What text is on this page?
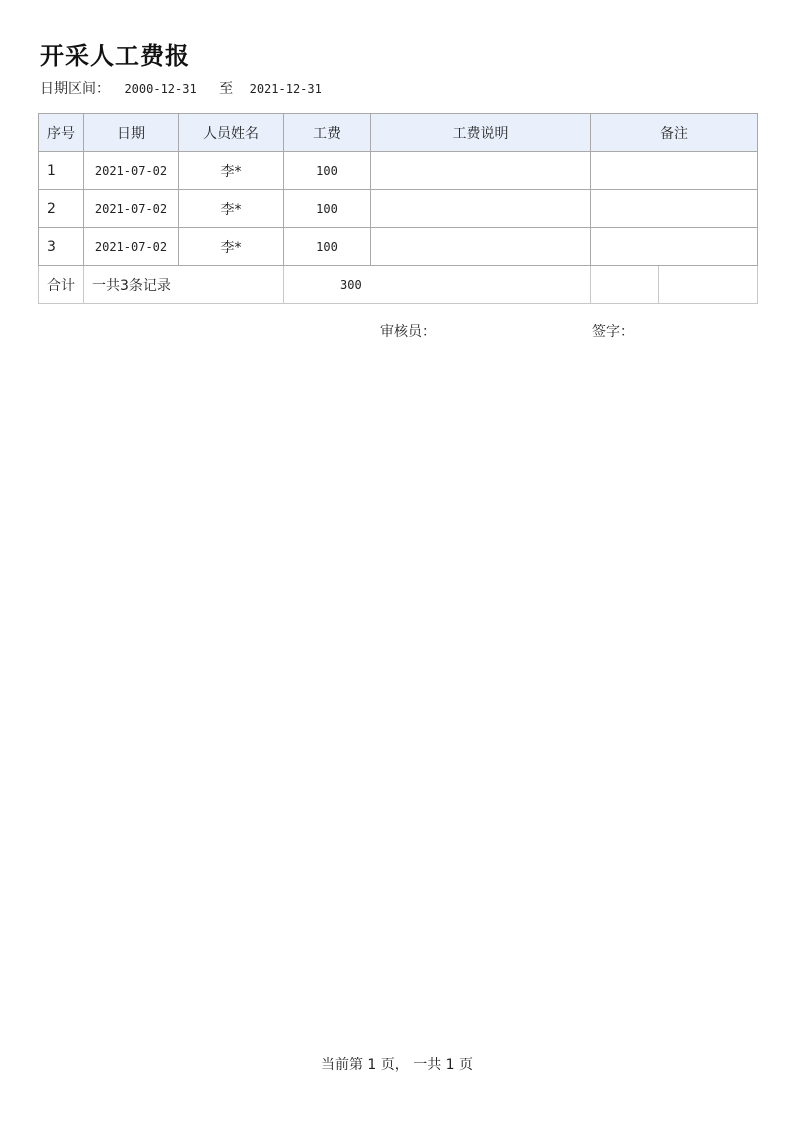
开采人工费报
日期区间： 2000-12-31 至 2021-12-31
序号	日期	人员姓名	工费	工费说明	备注	
1	2021-07-02	李*	100			
2	2021-07-02	李*	100			
3	2021-07-02	李*	100			
合计	一共3条记录		300			
审核员：	签字：
当前第 1 页， 一共 1 页
